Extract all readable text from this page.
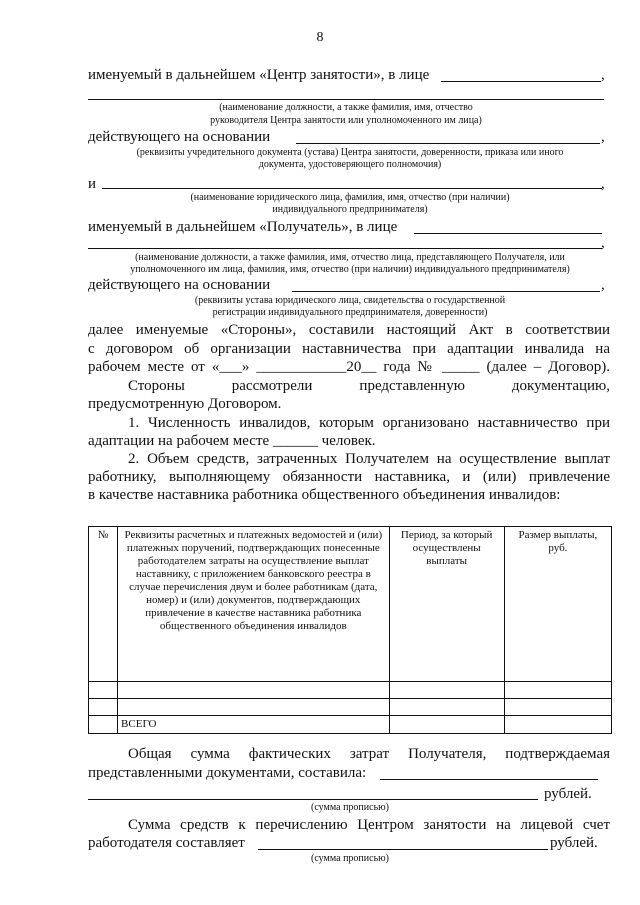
8
именуемый в дальнейшем «Центр занятости», в лице	,
(наименование должности, а также фамилия, имя, отчество
руководителя Центра занятости или уполномоченного им лица)
действующего на основании	,
(реквизиты учредительного документа (устава) Центра занятости, доверенности, приказа или иного
документа, удостоверяющего полномочия)
и	,
(наименование юридического лица, фамилия, имя, отчество (при наличии)
индивидуального предпринимателя)
именуемый в дальнейшем «Получатель», в лице
,
(наименование должности, а также фамилия, имя, отчество лица, представляющего Получателя, или
уполномоченного им лица, фамилия, имя, отчество (при наличии) индивидуального предпринимателя)
действующего на основании	,
(реквизиты устава юридического лица, свидетельства о государственной
регистрации индивидуального предпринимателя, доверенности)
далее именуемые «Стороны», составили настоящий Акт в соответствии
с договором об организации наставничества при адаптации инвалида на
рабочем месте от «___» ____________20__ года № _____ (далее – Договор).
Стороны рассмотрели представленную документацию,
предусмотренную Договором.
1. Численность инвалидов, которым организовано наставничество при
адаптации на рабочем месте ______ человек.
2. Объем средств, затраченных Получателем на осуществление выплат
работнику, выполняющему обязанности наставника, и (или) привлечение
в качестве наставника работника общественного объединения инвалидов:
№	Реквизиты расчетных и платежных ведомостей и (или) платежных поручений, подтверждающих понесенные работодателем затраты на осуществление выплат наставнику, с приложением банковского реестра в случае перечисления двум и более работникам (дата, номер) и (или) документов, подтверждающих привлечение в качестве наставника работника общественного объединения инвалидов	Период, за который осуществлены выплаты	Размер выплаты, руб.

	ВСЕГО		
Общая сумма фактических затрат Получателя, подтверждаемая
представленными документами, составила:
рублей.
(сумма прописью)
Сумма средств к перечислению Центром занятости на лицевой счет
работодателя составляет	рублей.
(сумма прописью)
